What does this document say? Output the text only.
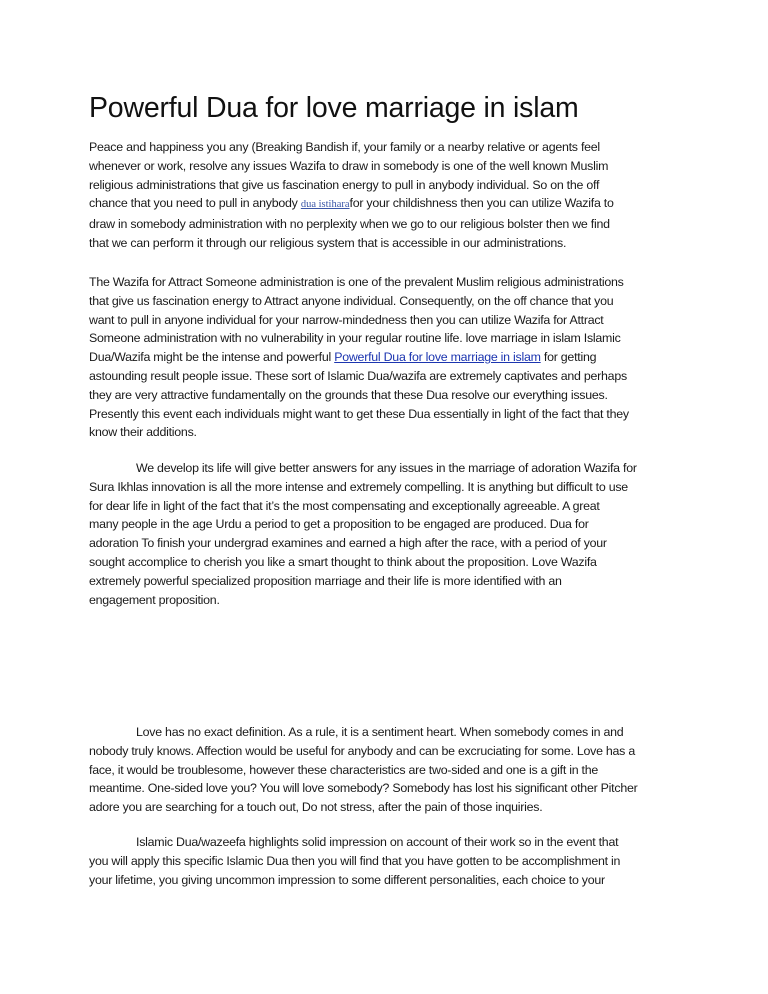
Powerful Dua for love marriage in islam

Peace and happiness you any (Breaking Bandish if, your family or a nearby relative or agents feel
whenever or work, resolve any issues Wazifa to draw in somebody is one of the well known Muslim
religious administrations that give us fascination energy to pull in anybody individual. So on the off
chance that you need to pull in anybody dua istiharafor your childishness then you can utilize Wazifa to
draw in somebody administration with no perplexity when we go to our religious bolster then we find
that we can perform it through our religious system that is accessible in our administrations.

The Wazifa for Attract Someone administration is one of the prevalent Muslim religious administrations
that give us fascination energy to Attract anyone individual. Consequently, on the off chance that you
want to pull in anyone individual for your narrow-mindedness then you can utilize Wazifa for Attract
Someone administration with no vulnerability in your regular routine life. love marriage in islam Islamic
Dua/Wazifa might be the intense and powerful Powerful Dua for love marriage in islam for getting
astounding result people issue. These sort of Islamic Dua/wazifa are extremely captivates and perhaps
they are very attractive fundamentally on the grounds that these Dua resolve our everything issues.
Presently this event each individuals might want to get these Dua essentially in light of the fact that they
know their additions.

We develop its life will give better answers for any issues in the marriage of adoration Wazifa for
Sura Ikhlas innovation is all the more intense and extremely compelling. It is anything but difficult to use
for dear life in light of the fact that it’s the most compensating and exceptionally agreeable. A great
many people in the age Urdu a period to get a proposition to be engaged are produced. Dua for
adoration To finish your undergrad examines and earned a high after the race, with a period of your
sought accomplice to cherish you like a smart thought to think about the proposition. Love Wazifa
extremely powerful specialized proposition marriage and their life is more identified with an
engagement proposition.

Love has no exact definition. As a rule, it is a sentiment heart. When somebody comes in and
nobody truly knows. Affection would be useful for anybody and can be excruciating for some. Love has a
face, it would be troublesome, however these characteristics are two-sided and one is a gift in the
meantime. One-sided love you? You will love somebody? Somebody has lost his significant other Pitcher
adore you are searching for a touch out, Do not stress, after the pain of those inquiries.

Islamic Dua/wazeefa highlights solid impression on account of their work so in the event that
you will apply this specific Islamic Dua then you will find that you have gotten to be accomplishment in
your lifetime, you giving uncommon impression to some different personalities, each choice to your
